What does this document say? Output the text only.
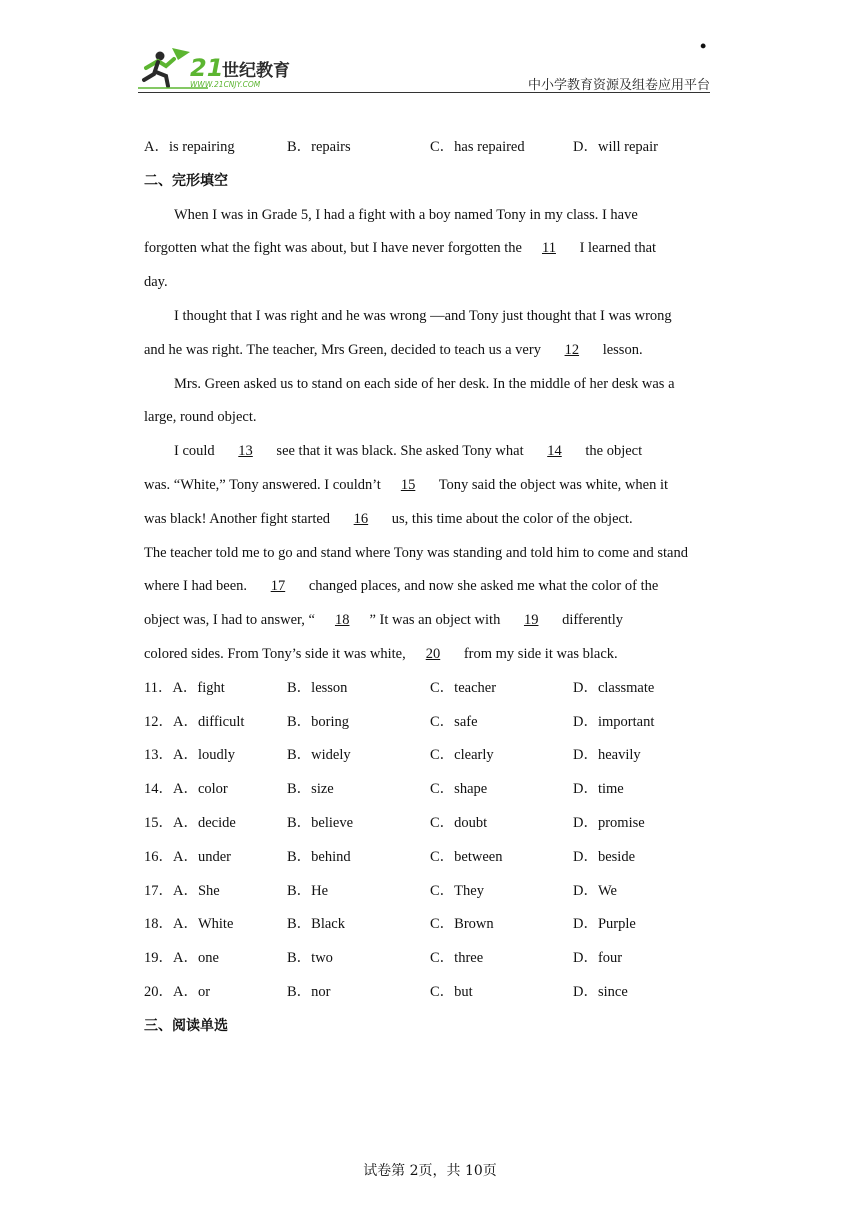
•
21
世纪教育
WWW.21CNJY.COM	中小学教育资源及组卷应用平台
A．is repairing	B．repairs	C．has repaired	D．will repair
二、完形填空
When I was in Grade 5, I had a fight with a boy named Tony in my class. I have
forgotten what the fight was about, but I have never forgotten the 11 I learned that
day.
I thought that I was right and he was wrong —and Tony just thought that I was wrong
and he was right. The teacher, Mrs Green, decided to teach us a very 12 lesson.
Mrs. Green asked us to stand on each side of her desk. In the middle of her desk was a
large, round object.
I could 13 see that it was black. She asked Tony what 14 the object
was. “White,” Tony answered. I couldn’t 15 Tony said the object was white, when it
was black! Another fight started 16 us, this time about the color of the object.
The teacher told me to go and stand where Tony was standing and told him to come and stand
where I had been. 17 changed places, and now she asked me what the color of the
object was, I had to answer, “ 18 ” It was an object with 19 differently
colored sides. From Tony’s side it was white, 20 from my side it was black.
11．A．fight	B．lesson	C．teacher	D．classmate
12．A．difficult	B．boring	C．safe	D．important
13．A．loudly	B．widely	C．clearly	D．heavily
14．A．color	B．size	C．shape	D．time
15．A．decide	B．believe	C．doubt	D．promise
16．A．under	B．behind	C．between	D．beside
17．A．She	B．He	C．They	D．We
18．A．White	B．Black	C．Brown	D．Purple
19．A．one	B．two	C．three	D．four
20．A．or	B．nor	C．but	D．since
三、阅读单选
试卷第 2页，共 10页
